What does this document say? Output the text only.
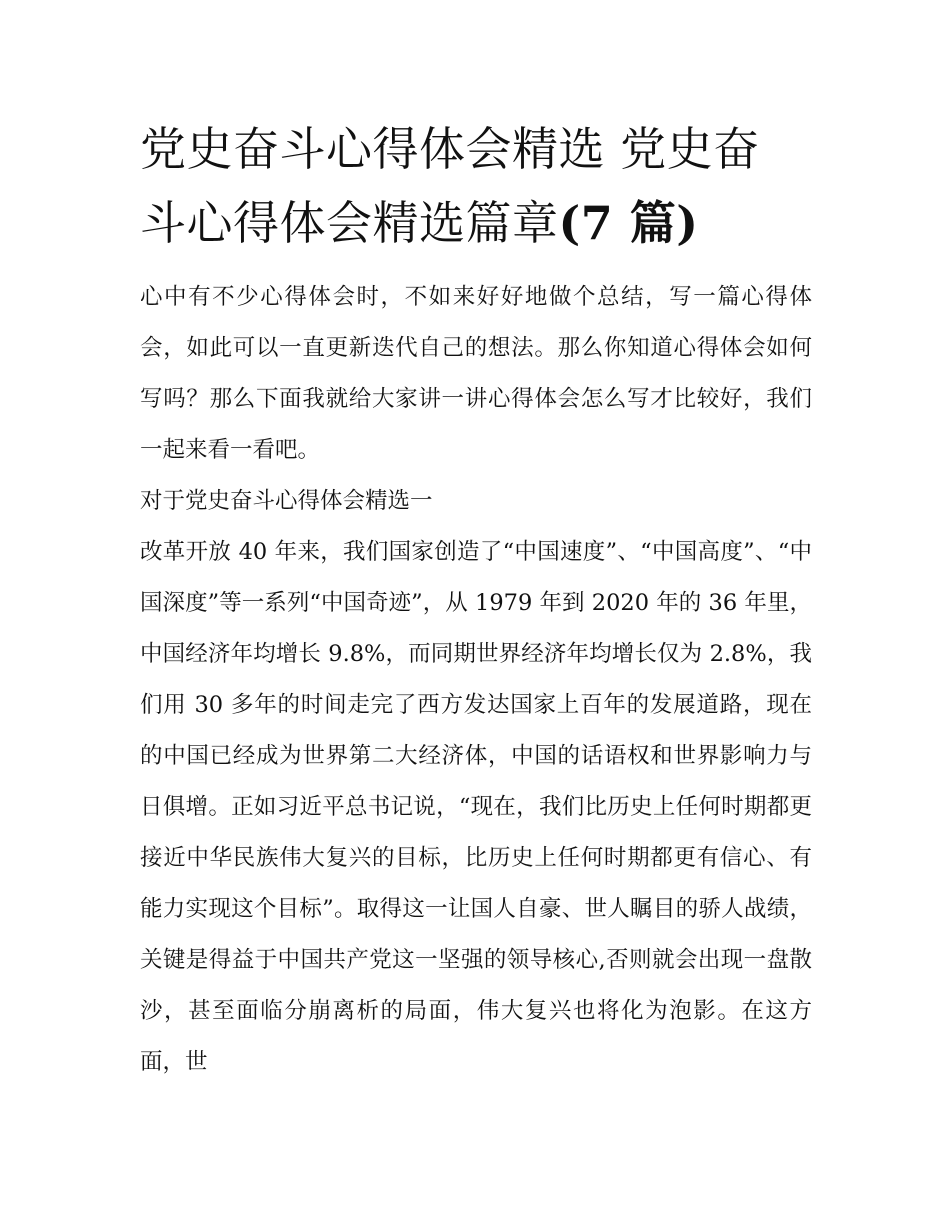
党史奋斗心得体会精选 党史奋
斗心得体会精选篇章(7 篇)

心中有不少心得体会时，不如来好好地做个总结，写一篇心得体会，如此可以一直更新迭代自己的想法。那么你知道心得体会如何写吗？那么下面我就给大家讲一讲心得体会怎么写才比较好，我们一起来看一看吧。

对于党史奋斗心得体会精选一

改革开放 40 年来，我们国家创造了“中国速度”、“中国高度”、“中国深度”等一系列“中国奇迹”，从 1979 年到 2020 年的 36 年里，中国经济年均增长 9.8%，而同期世界经济年均增长仅为 2.8%，我们用 30 多年的时间走完了西方发达国家上百年的发展道路，现在的中国已经成为世界第二大经济体，中国的话语权和世界影响力与日俱增。正如习近平总书记说，“现在，我们比历史上任何时期都更接近中华民族伟大复兴的目标，比历史上任何时期都更有信心、有能力实现这个目标”。取得这一让国人自豪、世人瞩目的骄人战绩，关键是得益于中国共产党这一坚强的领导核心,否则就会出现一盘散沙，甚至面临分崩离析的局面，伟大复兴也将化为泡影。在这方面，世
